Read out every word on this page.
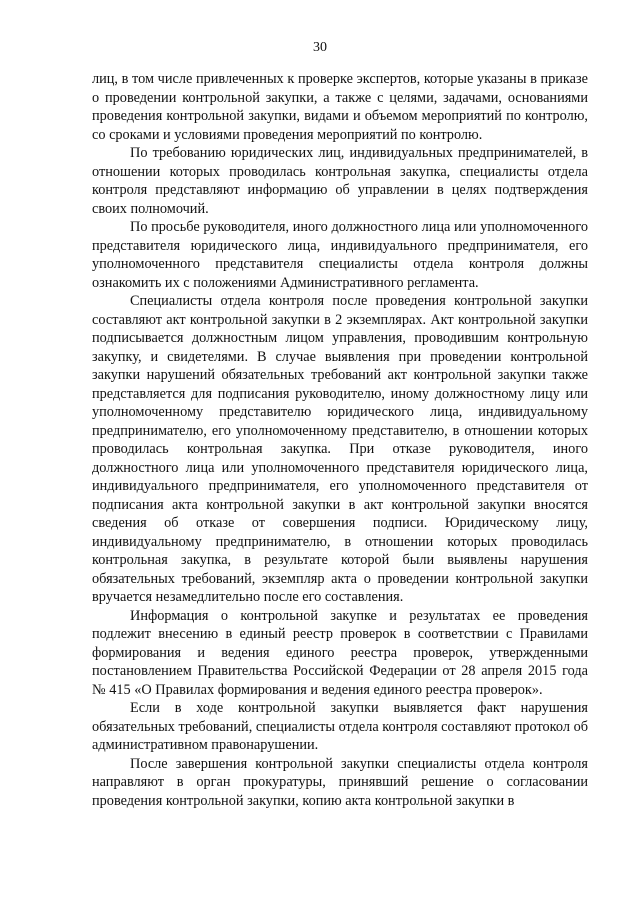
30

лиц, в том числе привлеченных к проверке экспертов, которые указаны в приказе о проведении контрольной закупки, а также с целями, задачами, основаниями проведения контрольной закупки, видами и объемом мероприятий по контролю, со сроками и условиями проведения мероприятий по контролю.

По требованию юридических лиц, индивидуальных предпринимателей, в отношении которых проводилась контрольная закупка, специалисты отдела контроля представляют информацию об управлении в целях подтверждения своих полномочий.

По просьбе руководителя, иного должностного лица или уполномоченного представителя юридического лица, индивидуального предпринимателя, его уполномоченного представителя специалисты отдела контроля должны ознакомить их с положениями Административного регламента.

Специалисты отдела контроля после проведения контрольной закупки составляют акт контрольной закупки в 2 экземплярах. Акт контрольной закупки подписывается должностным лицом управления, проводившим контрольную закупку, и свидетелями. В случае выявления при проведении контрольной закупки нарушений обязательных требований акт контрольной закупки также представляется для подписания руководителю, иному должностному лицу или уполномоченному представителю юридического лица, индивидуальному предпринимателю, его уполномоченному представителю, в отношении которых проводилась контрольная закупка. При отказе руководителя, иного должностного лица или уполномоченного представителя юридического лица, индивидуального предпринимателя, его уполномоченного представителя от подписания акта контрольной закупки в акт контрольной закупки вносятся сведения об отказе от совершения подписи. Юридическому лицу, индивидуальному предпринимателю, в отношении которых проводилась контрольная закупка, в результате которой были выявлены нарушения обязательных требований, экземпляр акта о проведении контрольной закупки вручается незамедлительно после его составления.

Информация о контрольной закупке и результатах ее проведения подлежит внесению в единый реестр проверок в соответствии с Правилами формирования и ведения единого реестра проверок, утвержденными постановлением Правительства Российской Федерации от 28 апреля 2015 года № 415 «О Правилах формирования и ведения единого реестра проверок».

Если в ходе контрольной закупки выявляется факт нарушения обязательных требований, специалисты отдела контроля составляют протокол об административном правонарушении.

После завершения контрольной закупки специалисты отдела контроля направляют в орган прокуратуры, принявший решение о согласовании проведения контрольной закупки, копию акта контрольной закупки в
